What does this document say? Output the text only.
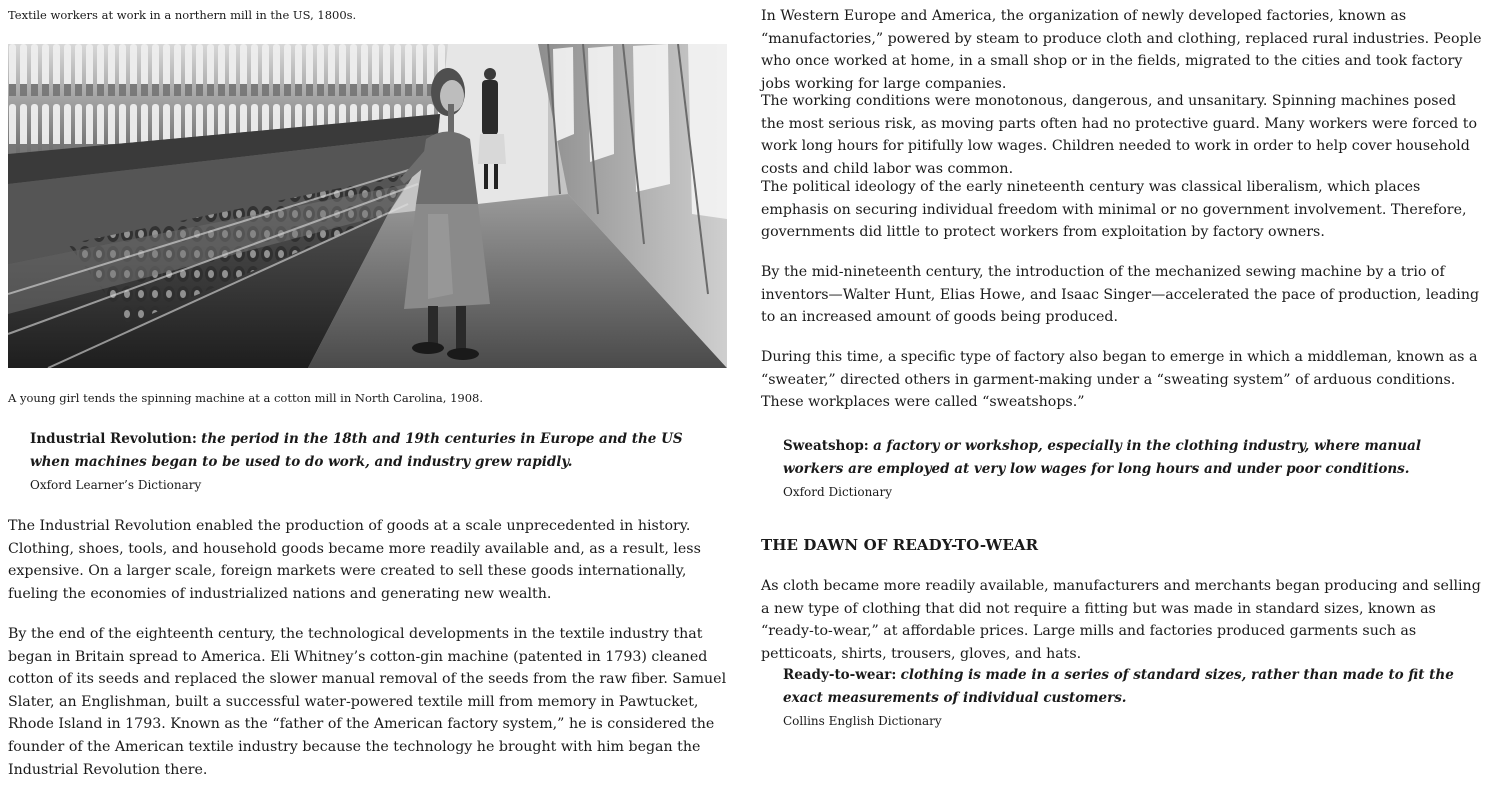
Textile workers at work in a northern mill in the US, 1800s.
A young girl tends the spinning machine at a cotton mill in North Carolina, 1908.
Industrial Revolution: the period in the 18th and 19th centuries in Europe and the US when machines began to be used to do work, and industry grew rapidly.
Oxford Learner’s Dictionary

The Industrial Revolution enabled the production of goods at a scale unprecedented in history. Clothing, shoes, tools, and household goods became more readily available and, as a result, less expensive. On a larger scale, foreign markets were created to sell these goods internationally, fueling the economies of industrialized nations and generating new wealth.

By the end of the eighteenth century, the technological developments in the textile industry that began in Britain spread to America. Eli Whitney’s cotton-gin machine (patented in 1793) cleaned cotton of its seeds and replaced the slower manual removal of the seeds from the raw fiber. Samuel Slater, an Englishman, built a successful water-powered textile mill from memory in Pawtucket, Rhode Island in 1793. Known as the “father of the American factory system,” he is considered the founder of the American textile industry because the technology he brought with him began the Industrial Revolution there.

In Western Europe and America, the organization of newly developed factories, known as “manufactories,” powered by steam to produce cloth and clothing, replaced rural industries. People who once worked at home, in a small shop or in the fields, migrated to the cities and took factory jobs working for large companies.

The working conditions were monotonous, dangerous, and unsanitary. Spinning machines posed the most serious risk, as moving parts often had no protective guard. Many workers were forced to work long hours for pitifully low wages. Children needed to work in order to help cover household costs and child labor was common.

The political ideology of the early nineteenth century was classical liberalism, which places emphasis on securing individual freedom with minimal or no government involvement. Therefore, governments did little to protect workers from exploitation by factory owners.

By the mid-nineteenth century, the introduction of the mechanized sewing machine by a trio of inventors—Walter Hunt, Elias Howe, and Isaac Singer—accelerated the pace of production, leading to an increased amount of goods being produced.

During this time, a specific type of factory also began to emerge in which a middleman, known as a “sweater,” directed others in garment-making under a “sweating system” of arduous conditions. These workplaces were called “sweatshops.”

Sweatshop: a factory or workshop, especially in the clothing industry, where manual workers are employed at very low wages for long hours and under poor conditions.
Oxford Dictionary
THE DAWN OF READY-TO-WEAR

As cloth became more readily available, manufacturers and merchants began producing and selling a new type of clothing that did not require a fitting but was made in standard sizes, known as “ready-to-wear,” at affordable prices. Large mills and factories produced garments such as petticoats, shirts, trousers, gloves, and hats.

Ready-to-wear: clothing is made in a series of standard sizes, rather than made to fit the exact measurements of individual customers.
Collins English Dictionary
